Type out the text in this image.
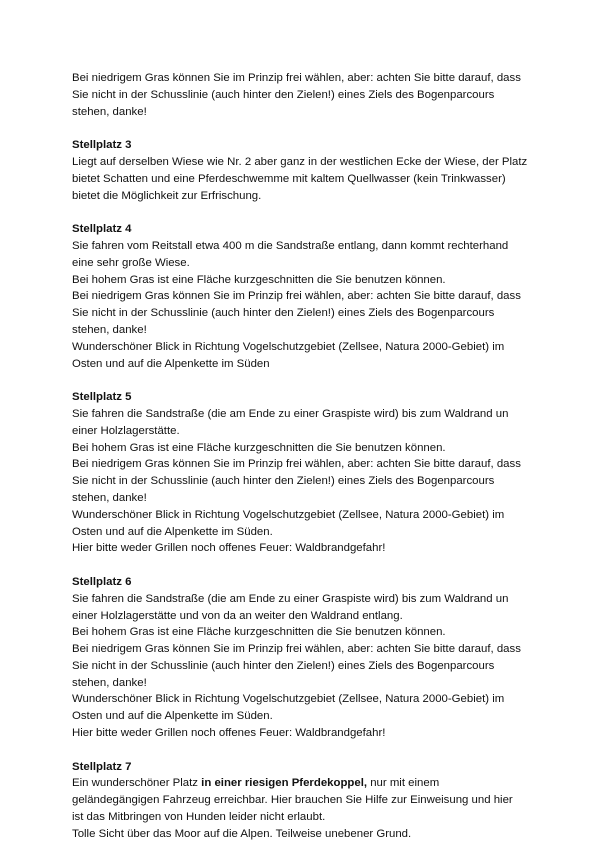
Bei niedrigem Gras können Sie im Prinzip frei wählen, aber: achten Sie bitte darauf, dass
Sie nicht in der Schusslinie (auch hinter den Zielen!) eines Ziels des Bogenparcours
stehen, danke!

Stellplatz 3

Liegt auf derselben Wiese wie Nr. 2 aber ganz in der westlichen Ecke der Wiese, der Platz
bietet Schatten und eine Pferdeschwemme mit kaltem Quellwasser (kein Trinkwasser)
bietet die Möglichkeit zur Erfrischung.

Stellplatz 4

Sie fahren vom Reitstall etwa 400 m die Sandstraße entlang, dann kommt rechterhand
eine sehr große Wiese.
Bei hohem Gras ist eine Fläche kurzgeschnitten die Sie benutzen können.
Bei niedrigem Gras können Sie im Prinzip frei wählen, aber: achten Sie bitte darauf, dass
Sie nicht in der Schusslinie (auch hinter den Zielen!) eines Ziels des Bogenparcours
stehen, danke!
Wunderschöner Blick in Richtung Vogelschutzgebiet (Zellsee, Natura 2000-Gebiet) im
Osten und auf die Alpenkette im Süden

Stellplatz 5

Sie fahren die Sandstraße (die am Ende zu einer Graspiste wird) bis zum Waldrand un
einer Holzlagerstätte.
Bei hohem Gras ist eine Fläche kurzgeschnitten die Sie benutzen können.
Bei niedrigem Gras können Sie im Prinzip frei wählen, aber: achten Sie bitte darauf, dass
Sie nicht in der Schusslinie (auch hinter den Zielen!) eines Ziels des Bogenparcours
stehen, danke!
Wunderschöner Blick in Richtung Vogelschutzgebiet (Zellsee, Natura 2000-Gebiet) im
Osten und auf die Alpenkette im Süden.
Hier bitte weder Grillen noch offenes Feuer: Waldbrandgefahr!

Stellplatz 6

Sie fahren die Sandstraße (die am Ende zu einer Graspiste wird) bis zum Waldrand un
einer Holzlagerstätte und von da an weiter den Waldrand entlang.
Bei hohem Gras ist eine Fläche kurzgeschnitten die Sie benutzen können.
Bei niedrigem Gras können Sie im Prinzip frei wählen, aber: achten Sie bitte darauf, dass
Sie nicht in der Schusslinie (auch hinter den Zielen!) eines Ziels des Bogenparcours
stehen, danke!
Wunderschöner Blick in Richtung Vogelschutzgebiet (Zellsee, Natura 2000-Gebiet) im
Osten und auf die Alpenkette im Süden.
Hier bitte weder Grillen noch offenes Feuer: Waldbrandgefahr!

Stellplatz 7

Ein wunderschöner Platz in einer riesigen Pferdekoppel, nur mit einem
geländegängigen Fahrzeug erreichbar. Hier brauchen Sie Hilfe zur Einweisung und hier
ist das Mitbringen von Hunden leider nicht erlaubt.
Tolle Sicht über das Moor auf die Alpen. Teilweise unebener Grund.
